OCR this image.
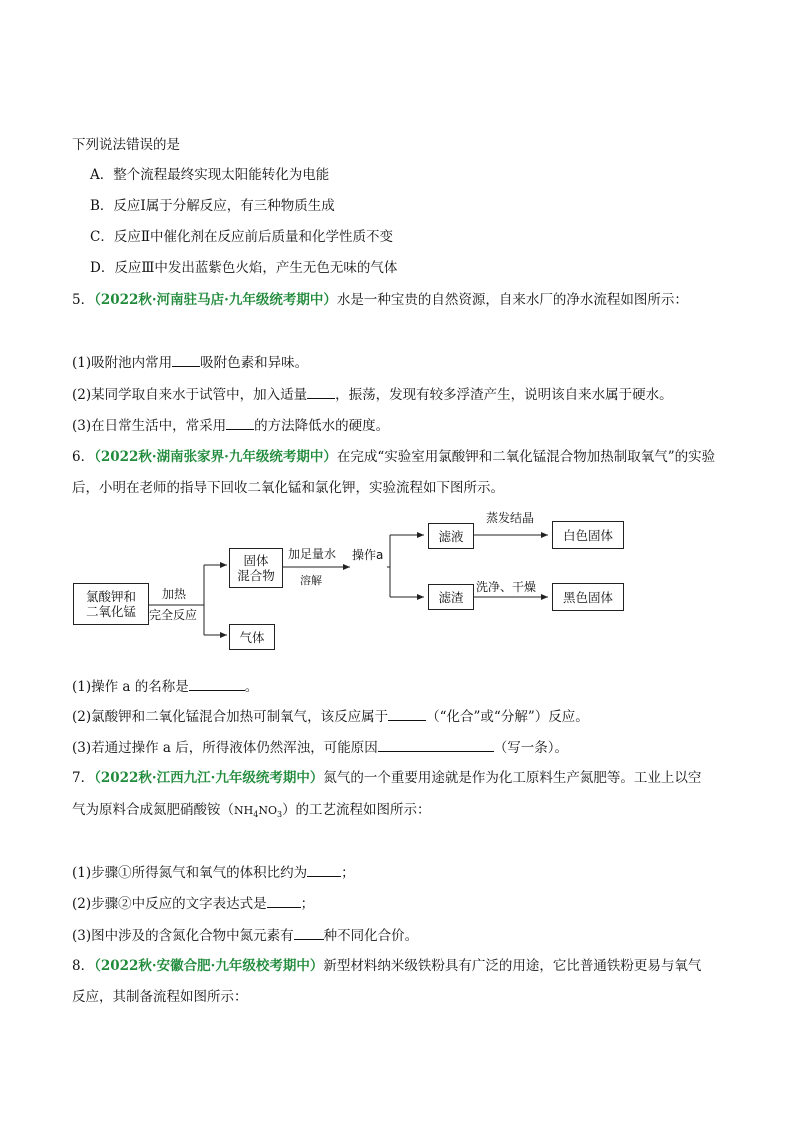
下列说法错误的是
A．整个流程最终实现太阳能转化为电能
B．反应Ⅰ属于分解反应，有三种物质生成
C．反应Ⅱ中催化剂在反应前后质量和化学性质不变
D．反应Ⅲ中发出蓝紫色火焰，产生无色无味的气体
5．（2022秋·河南驻马店·九年级统考期中）水是一种宝贵的自然资源，自来水厂的净水流程如图所示：
(1)吸附池内常用 吸附色素和异味。
(2)某同学取自来水于试管中，加入适量 ，振荡，发现有较多浮渣产生，说明该自来水属于硬水。
(3)在日常生活中，常采用 的方法降低水的硬度。
6．（2022秋·湖南张家界·九年级统考期中）在完成“实验室用氯酸钾和二氧化锰混合物加热制取氧气”的实验
后，小明在老师的指导下回收二氧化锰和氯化钾，实验流程如下图所示。
氯酸钾和
二氧化锰
加热
完全反应
固体
混合物
气体
加足量水
溶解
操作a
滤液
滤渣
蒸发结晶
洗净、干燥
白色固体
黑色固体
(1)操作 a 的名称是	。
(2)氯酸钾和二氧化锰混合加热可制氧气，该反应属于	（“化合”或“分解”）反应。
(3)若通过操作 a 后，所得液体仍然浑浊，可能原因	（写一条）。
7．（2022秋·江西九江·九年级统考期中）氮气的一个重要用途就是作为化工原料生产氮肥等。工业上以空
气为原料合成氮肥硝酸铵$(NH_4NO_3)$的工艺流程如图所示：
(1)步骤①所得氮气和氧气的体积比约为	；
(2)步骤②中反应的文字表达式是	；
(3)图中涉及的含氮化合物中氮元素有 种不同化合价。
8．（2022秋·安徽合肥·九年级校考期中）新型材料纳米级铁粉具有广泛的用途，它比普通铁粉更易与氧气
反应，其制备流程如图所示：
